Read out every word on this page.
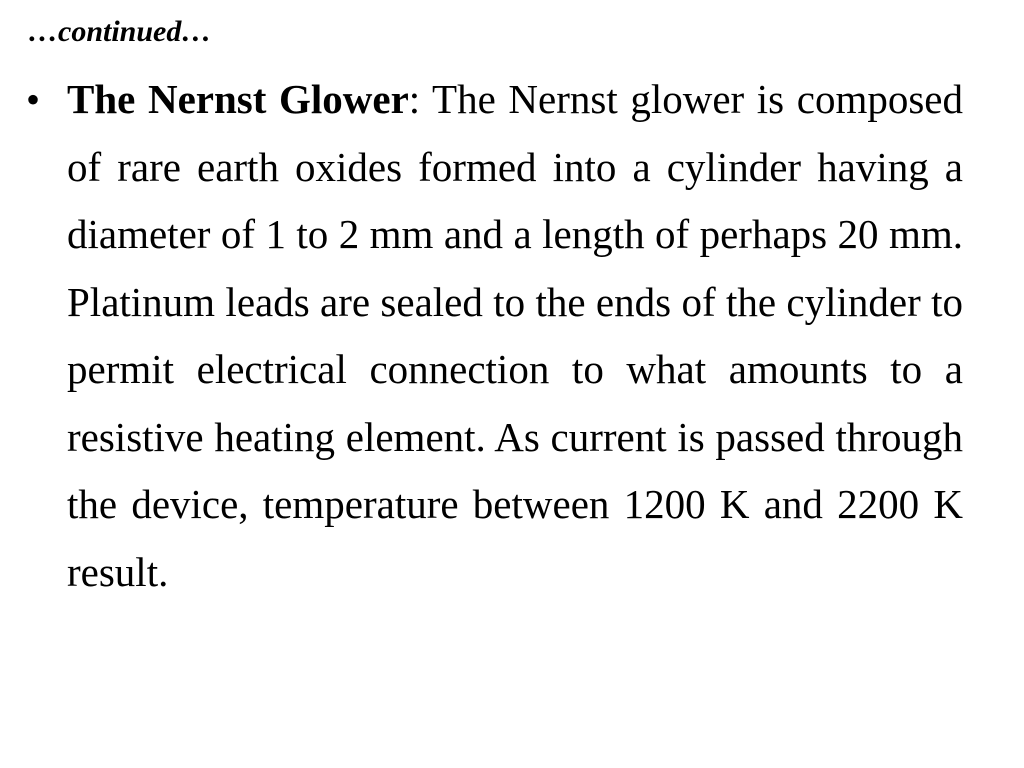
…continued…

• The Nernst Glower: The Nernst glower is composed of rare earth oxides formed into a cylinder having a diameter of 1 to 2 mm and a length of perhaps 20 mm. Platinum leads are sealed to the ends of the cylinder to permit electrical connection to what amounts to a resistive heating element. As current is passed through the device, temperature between 1200 K and 2200 K result.
